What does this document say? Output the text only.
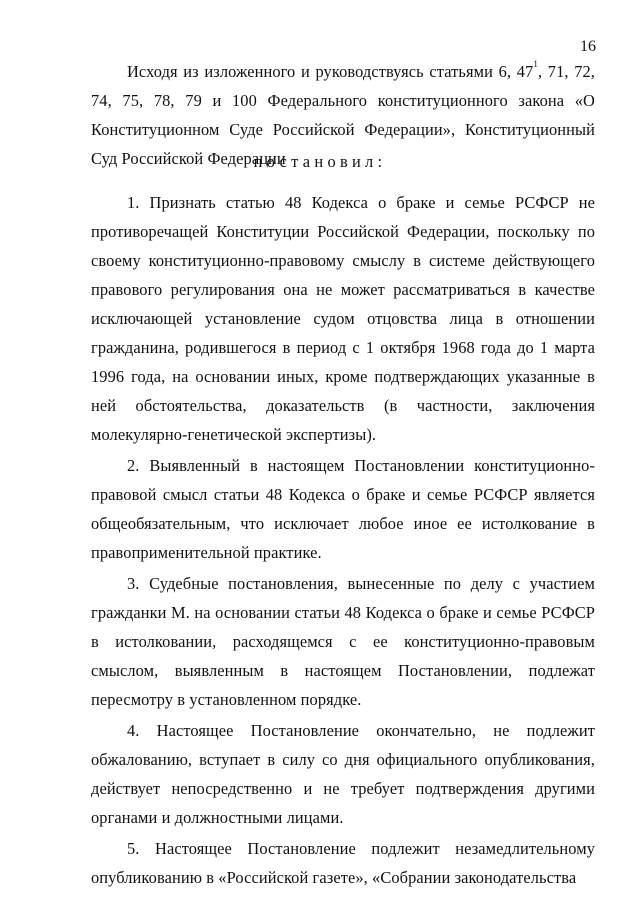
16

Исходя из изложенного и руководствуясь статьями 6, $47^1$, 71, 72, 74, 75, 78, 79 и 100 Федерального конституционного закона «О Конституционном Суде Российской Федерации», Конституционный Суд Российской Федерации

постановил:

1. Признать статью 48 Кодекса о браке и семье РСФСР не противоречащей Конституции Российской Федерации, поскольку по своему конституционно-правовому смыслу в системе действующего правового регулирования она не может рассматриваться в качестве исключающей установление судом отцовства лица в отношении гражданина, родившегося в период с 1 октября 1968 года до 1 марта 1996 года, на основании иных, кроме подтверждающих указанные в ней обстоятельства, доказательств (в частности, заключения молекулярно-генетической экспертизы).

2. Выявленный в настоящем Постановлении конституционно-правовой смысл статьи 48 Кодекса о браке и семье РСФСР является общеобязательным, что исключает любое иное ее истолкование в правоприменительной практике.

3. Судебные постановления, вынесенные по делу с участием гражданки М. на основании статьи 48 Кодекса о браке и семье РСФСР в истолковании, расходящемся с ее конституционно-правовым смыслом, выявленным в настоящем Постановлении, подлежат пересмотру в установленном порядке.

4. Настоящее Постановление окончательно, не подлежит обжалованию, вступает в силу со дня официального опубликования, действует непосредственно и не требует подтверждения другими органами и должностными лицами.

5. Настоящее Постановление подлежит незамедлительному опубликованию в «Российской газете», «Собрании законодательства
